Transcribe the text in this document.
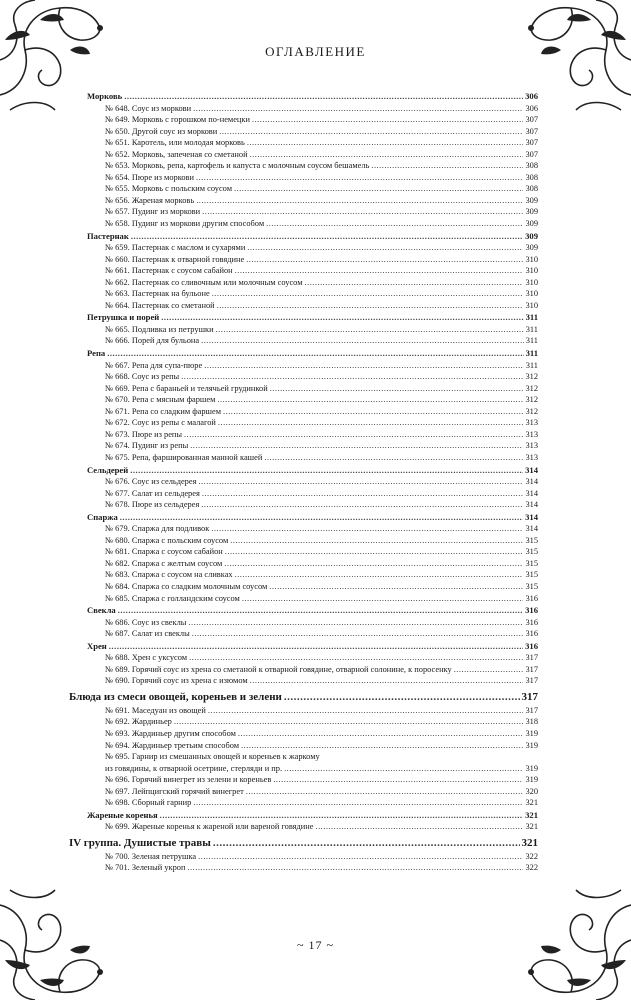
ОГЛАВЛЕНИЕ
Морковь .....	306
№ 648. Соус из моркови .....	306
№ 649. Морковь с горошком по-немецки .....	307
№ 650. Другой соус из моркови .....	307
№ 651. Каротель, или молодая морковь .....	307
№ 652. Морковь, запеченая со сметаной .....	307
№ 653. Морковь, репа, картофель и капуста с молочным соусом бешамель .....	308
№ 654. Пюре из моркови .....	308
№ 655. Морковь с польским соусом .....	308
№ 656. Жареная морковь .....	309
№ 657. Пудинг из моркови .....	309
№ 658. Пудинг из моркови другим способом .....	309
Пастернак .....	309
№ 659. Пастернак с маслом и сухарями .....	309
№ 660. Пастернак к отварной говядине .....	310
№ 661. Пастернак с соусом сабайон .....	310
№ 662. Пастернак со сливочным или молочным соусом .....	310
№ 663. Пастернак на бульоне .....	310
№ 664. Пастернак со сметаной .....	310
Петрушка и порей .....	311
№ 665. Подливка из петрушки .....	311
№ 666. Порей для бульона .....	311
Репа .....	311
№ 667. Репа для супа-пюре .....	311
№ 668. Соус из репы .....	312
№ 669. Репа с бараньей и телячьей грудинкой .....	312
№ 670. Репа с мясным фаршем .....	312
№ 671. Репа со сладким фаршем .....	312
№ 672. Соус из репы с малагой .....	313
№ 673. Пюре из репы .....	313
№ 674. Пудинг из репы .....	313
№ 675. Репа, фаршированная манной кашей .....	313
Сельдерей .....	314
№ 676. Соус из сельдерея .....	314
№ 677. Салат из сельдерея .....	314
№ 678. Пюре из сельдерея .....	314
Спаржа .....	314
№ 679. Спаржа для подливок .....	314
№ 680. Спаржа с польским соусом .....	315
№ 681. Спаржа с соусом сабайон .....	315
№ 682. Спаржа с желтым соусом .....	315
№ 683. Спаржа с соусом на сливках .....	315
№ 684. Спаржа со сладким молочным соусом .....	315
№ 685. Спаржа с голландским соусом .....	316
Свекла .....	316
№ 686. Соус из свеклы .....	316
№ 687. Салат из свеклы .....	316
Хрен .....	316
№ 688. Хрен с уксусом .....	317
№ 689. Горячий соус из хрена со сметаной к отварной говядине, отварной солонине, к поросенку .....	317
№ 690. Горячий соус из хрена с изюмом .....	317
Блюда из смеси овощей, кореньев и зелени .....	317
№ 691. Маседуан из овощей .....	317
№ 692. Жардиньер .....	318
№ 693. Жардиньер другим способом .....	319
№ 694. Жардиньер третьим способом .....	319
№ 695. Гарнир из смешанных овощей и кореньев к жаркому
из говядины, к отварной осетрине, стерляди и пр. .....	319
№ 696. Горячий винегрет из зелени и кореньев .....	319
№ 697. Лейпцигский горячий винегрет .....	320
№ 698. Сборный гарнир .....	321
Жареные коренья .....	321
№ 699. Жареные коренья к жареной или вареной говядине .....	321
IV группа. Душистые травы .....	321
№ 700. Зеленая петрушка .....	322
№ 701. Зеленый укроп .....	322
~ 17 ~
